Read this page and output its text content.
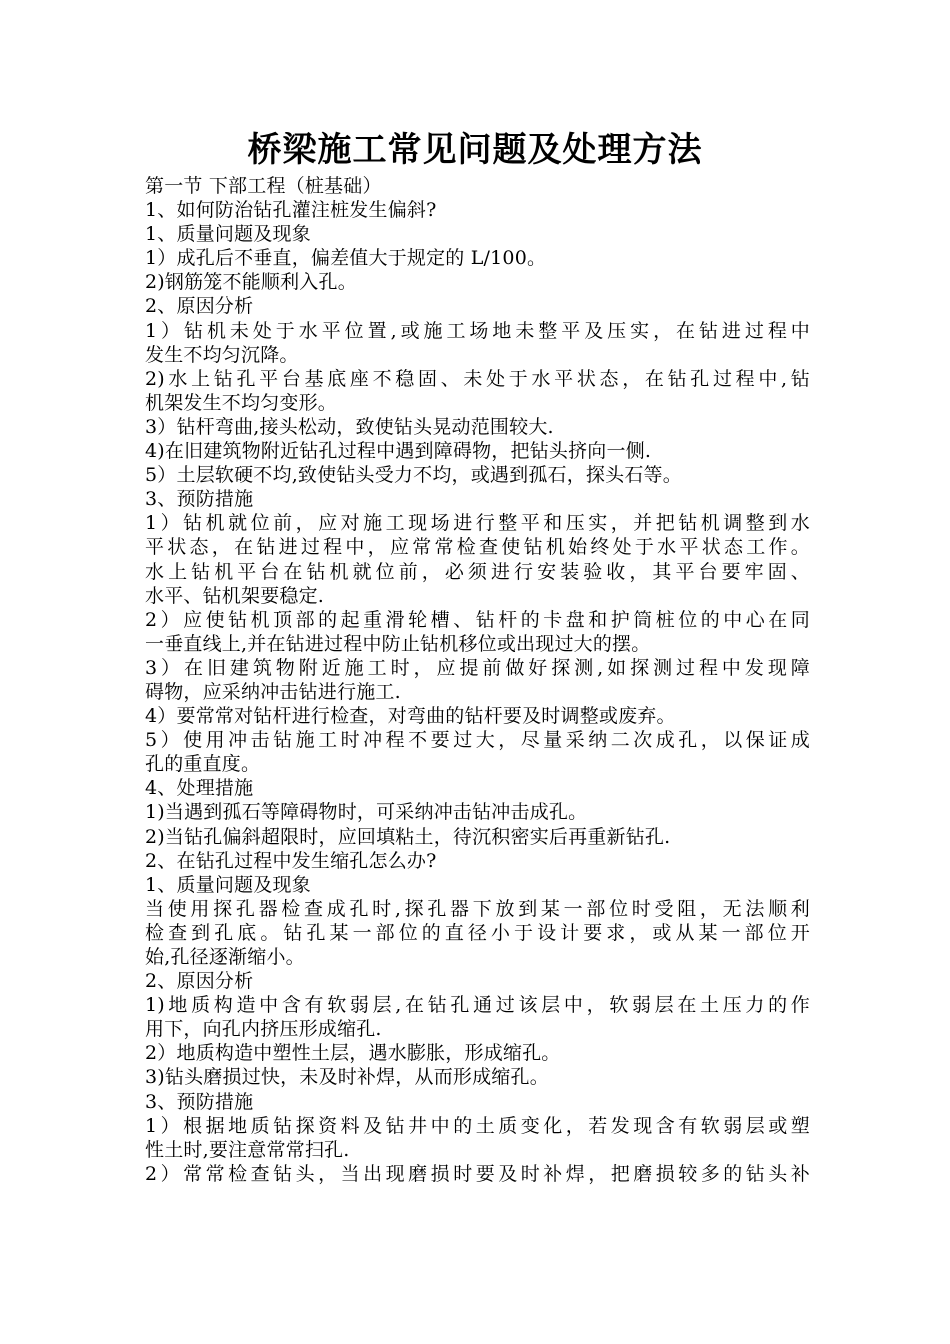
桥梁施工常见问题及处理方法
第一节 下部工程（桩基础）
1、如何防治钻孔灌注桩发生偏斜?
1、质量问题及现象
1）成孔后不垂直，偏差值大于规定的 L/100。
2)钢筋笼不能顺利入孔。
2、原因分析
1）钻机未处于水平位置,或施工场地未整平及压实，在钻进过程中
发生不均匀沉降。
2)水上钻孔平台基底座不稳固、未处于水平状态，在钻孔过程中,钻
机架发生不均匀变形。
3）钻杆弯曲,接头松动，致使钻头晃动范围较大.
4)在旧建筑物附近钻孔过程中遇到障碍物，把钻头挤向一侧.
5）土层软硬不均,致使钻头受力不均，或遇到孤石，探头石等。
3、预防措施
1）钻机就位前，应对施工现场进行整平和压实，并把钻机调整到水
平状态，在钻进过程中，应常常检查使钻机始终处于水平状态工作。
水上钻机平台在钻机就位前，必须进行安装验收，其平台要牢固、
水平、钻机架要稳定.
2）应使钻机顶部的起重滑轮槽、钻杆的卡盘和护筒桩位的中心在同
一垂直线上,并在钻进过程中防止钻机移位或出现过大的摆。
3）在旧建筑物附近施工时，应提前做好探测,如探测过程中发现障
碍物，应采纳冲击钻进行施工.
4）要常常对钻杆进行检查，对弯曲的钻杆要及时调整或废弃。
5）使用冲击钻施工时冲程不要过大，尽量采纳二次成孔，以保证成
孔的重直度。
4、处理措施
1)当遇到孤石等障碍物时，可采纳冲击钻冲击成孔。
2)当钻孔偏斜超限时，应回填粘土，待沉积密实后再重新钻孔.
2、在钻孔过程中发生缩孔怎么办?
1、质量问题及现象
当使用探孔器检查成孔时,探孔器下放到某一部位时受阻，无法顺利
检查到孔底。钻孔某一部位的直径小于设计要求，或从某一部位开
始,孔径逐渐缩小。
2、原因分析
1)地质构造中含有软弱层,在钻孔通过该层中，软弱层在土压力的作
用下，向孔内挤压形成缩孔.
2）地质构造中塑性土层，遇水膨胀，形成缩孔。
3)钻头磨损过快，未及时补焊，从而形成缩孔。
3、预防措施
1）根据地质钻探资料及钻井中的土质变化，若发现含有软弱层或塑
性土时,要注意常常扫孔.
2）常常检查钻头，当出现磨损时要及时补焊，把磨损较多的钻头补
